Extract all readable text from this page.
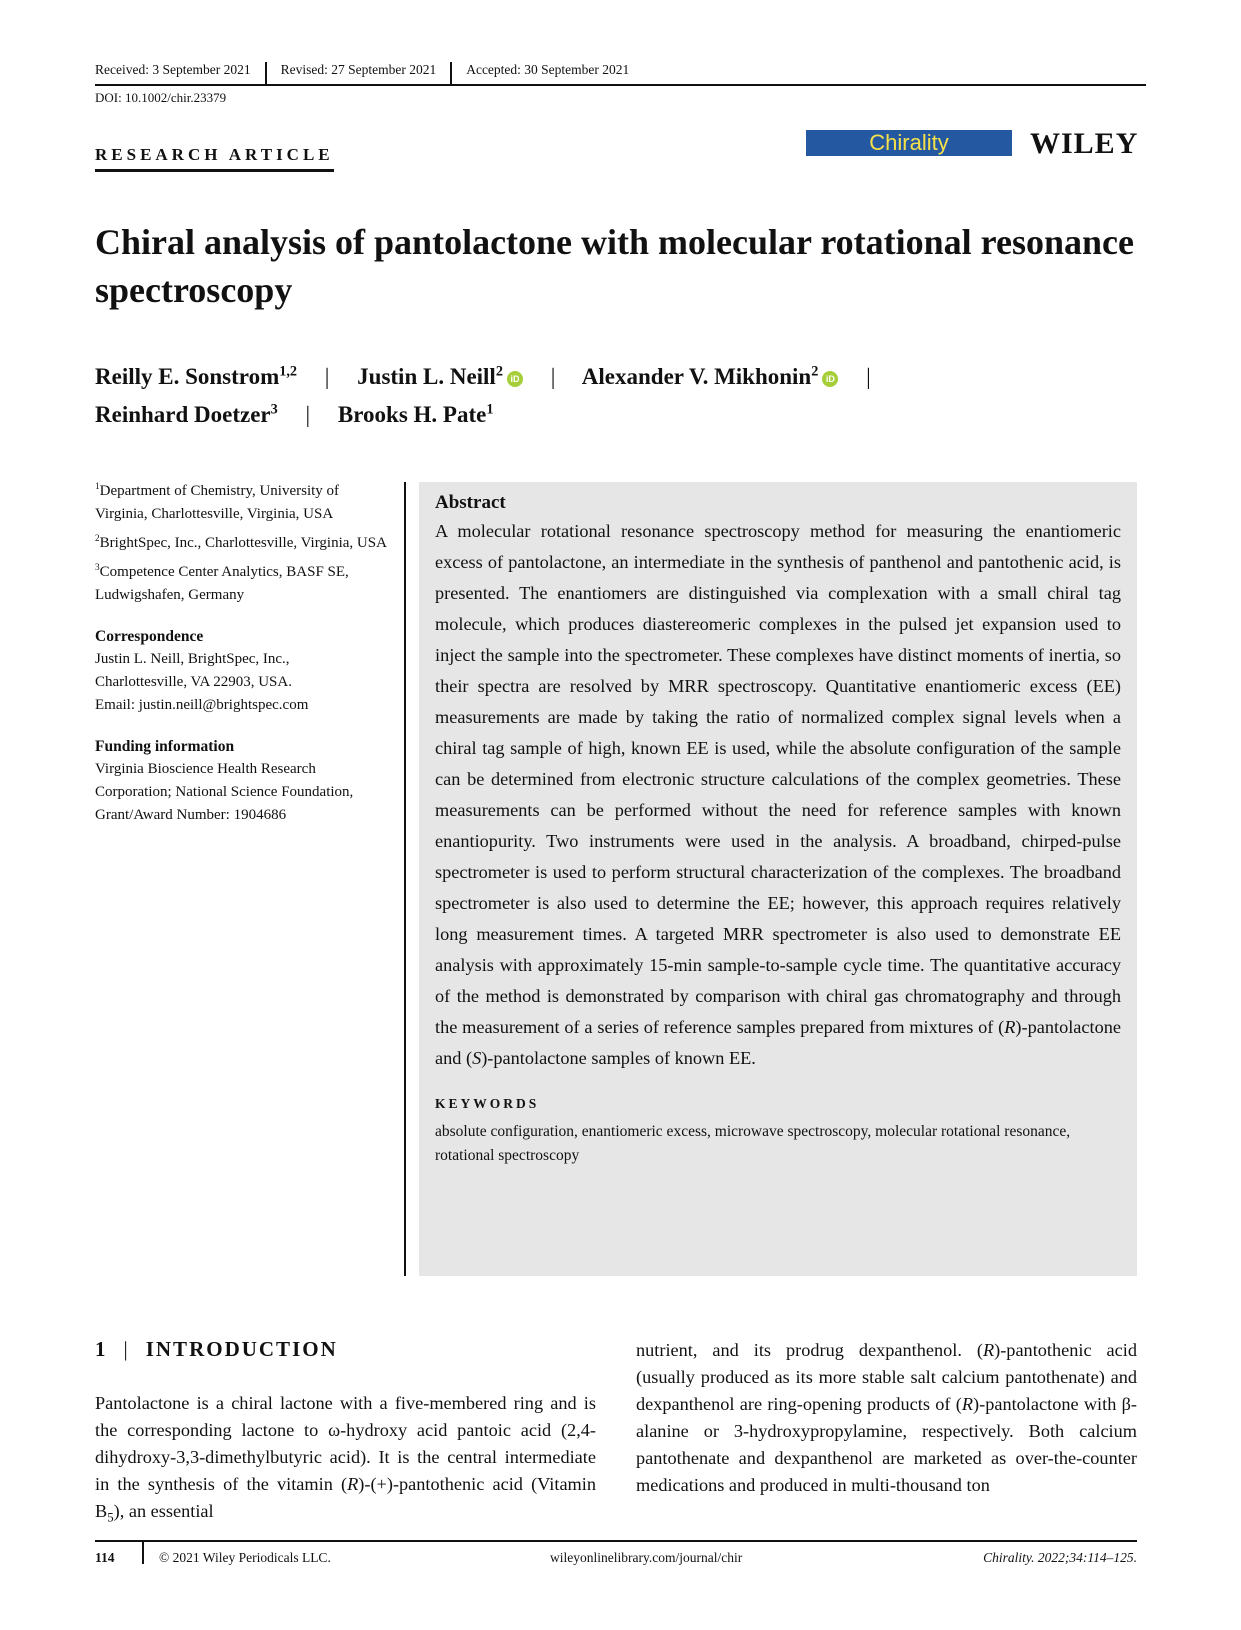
Received: 3 September 2021	Revised: 27 September 2021	Accepted: 30 September 2021
DOI: 10.1002/chir.23379
RESEARCH ARTICLE	Chirality	WILEY
Chiral analysis of pantolactone with molecular rotational resonance spectroscopy
Reilly E. Sonstrom$^{1,2}$ | Justin L. Neill$^2$ iD | Alexander V. Mikhonin$^2$ iD |
Reinhard Doetzer$^3$ | Brooks H. Pate$^1$

$^1$Department of Chemistry, University of Virginia, Charlottesville, Virginia, USA

$^2$BrightSpec, Inc., Charlottesville, Virginia, USA

$^3$Competence Center Analytics, BASF SE, Ludwigshafen, Germany

Correspondence
Justin L. Neill, BrightSpec, Inc.,
Charlottesville, VA 22903, USA.
Email: justin.neill@brightspec.com
Funding information
Virginia Bioscience Health Research Corporation; National Science Foundation, Grant/Award Number: 1904686
Abstract
A molecular rotational resonance spectroscopy method for measuring the enantiomeric excess of pantolactone, an intermediate in the synthesis of panthenol and pantothenic acid, is presented. The enantiomers are distinguished via complexation with a small chiral tag molecule, which produces diastereomeric complexes in the pulsed jet expansion used to inject the sample into the spectrometer. These complexes have distinct moments of inertia, so their spectra are resolved by MRR spectroscopy. Quantitative enantiomeric excess (EE) measurements are made by taking the ratio of normalized complex signal levels when a chiral tag sample of high, known EE is used, while the absolute configuration of the sample can be determined from electronic structure calculations of the complex geometries. These measurements can be performed without the need for reference samples with known enantiopurity. Two instruments were used in the analysis. A broadband, chirped-pulse spectrometer is used to perform structural characterization of the complexes. The broadband spectrometer is also used to determine the EE; however, this approach requires relatively long measurement times. A targeted MRR spectrometer is also used to demonstrate EE analysis with approximately 15-min sample-to-sample cycle time. The quantitative accuracy of the method is demonstrated by comparison with chiral gas chromatography and through the measurement of a series of reference samples prepared from mixtures of (R)-pantolactone and (S)-pantolactone samples of known EE.
KEYWORDS
absolute configuration, enantiomeric excess, microwave spectroscopy, molecular rotational resonance, rotational spectroscopy
1 | INTRODUCTION
Pantolactone is a chiral lactone with a five-membered ring and is the corresponding lactone to ω-hydroxy acid pantoic acid (2,4-dihydroxy-3,3-dimethylbutyric acid). It is the central intermediate in the synthesis of the vitamin (R)-(+)-pantothenic acid (Vitamin $B_5$), an essential
nutrient, and its prodrug dexpanthenol. (R)-pantothenic acid (usually produced as its more stable salt calcium pantothenate) and dexpanthenol are ring-opening products of (R)-pantolactone with β-alanine or 3-hydroxypropylamine, respectively. Both calcium pantothenate and dexpanthenol are marketed as over-the-counter medications and produced in multi-thousand ton
114	© 2021 Wiley Periodicals LLC.	wileyonlinelibrary.com/journal/chir	Chirality. 2022;34:114–125.
